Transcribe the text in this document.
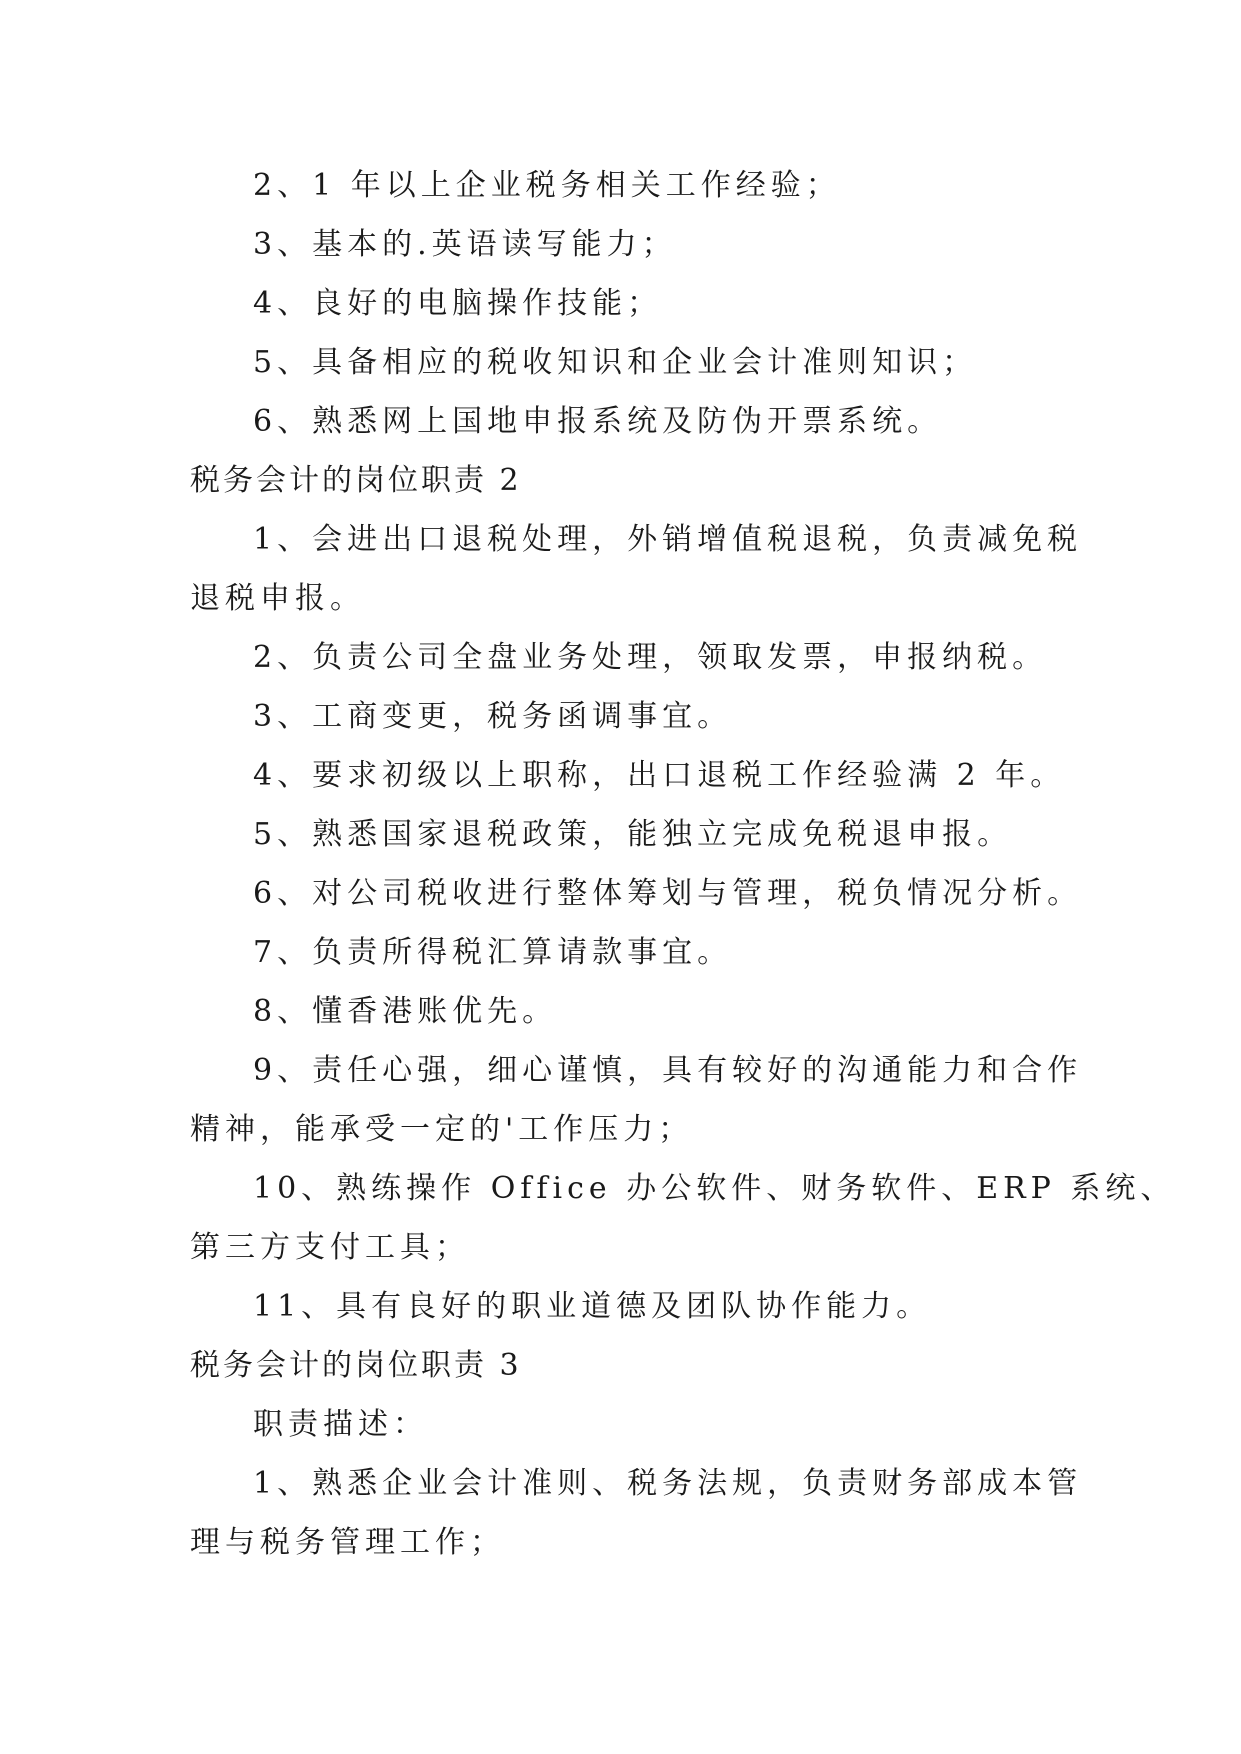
2、1 年以上企业税务相关工作经验；
3、基本的.英语读写能力；
4、良好的电脑操作技能；
5、具备相应的税收知识和企业会计准则知识；
6、熟悉网上国地申报系统及防伪开票系统。
税务会计的岗位职责 2
1、会进出口退税处理，外销增值税退税，负责减免税
退税申报。
2、负责公司全盘业务处理，领取发票，申报纳税。
3、工商变更，税务函调事宜。
4、要求初级以上职称，出口退税工作经验满 2 年。
5、熟悉国家退税政策，能独立完成免税退申报。
6、对公司税收进行整体筹划与管理，税负情况分析。
7、负责所得税汇算请款事宜。
8、懂香港账优先。
9、责任心强，细心谨慎，具有较好的沟通能力和合作
精神，能承受一定的'工作压力；
10、熟练操作 Office 办公软件、财务软件、ERP 系统、
第三方支付工具；
11、具有良好的职业道德及团队协作能力。
税务会计的岗位职责 3
职责描述：
1、熟悉企业会计准则、税务法规，负责财务部成本管
理与税务管理工作；
